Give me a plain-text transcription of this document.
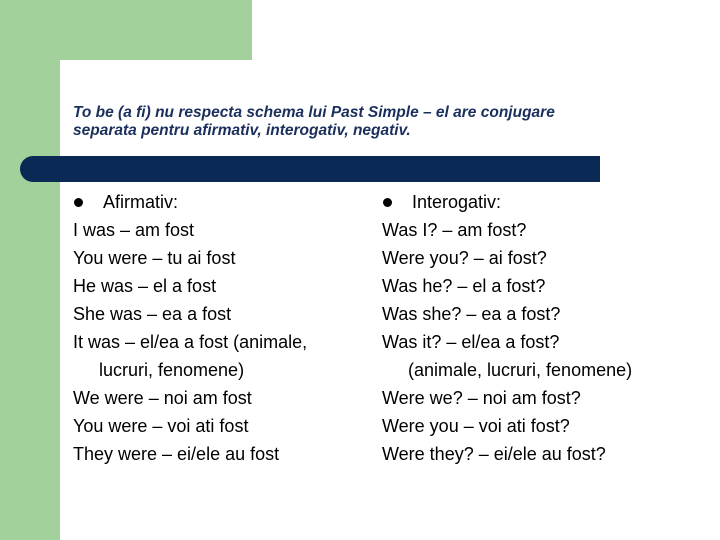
To be (a fi) nu respecta schema lui Past Simple – el are conjugare
separata pentru afirmativ, interogativ, negativ.
Afirmativ:
I was – am fost
You were – tu ai fost
He was – el a fost
She was – ea a fost
It was – el/ea a fost (animale,
lucruri, fenomene)
We were – noi am fost
You were – voi ati fost
They were – ei/ele au fost
Interogativ:
Was I? – am fost?
Were you? – ai fost?
Was he? – el a fost?
Was she? – ea a fost?
Was it? – el/ea a fost?
(animale, lucruri, fenomene)
Were we? – noi am fost?
Were you – voi ati fost?
Were they? – ei/ele au fost?
